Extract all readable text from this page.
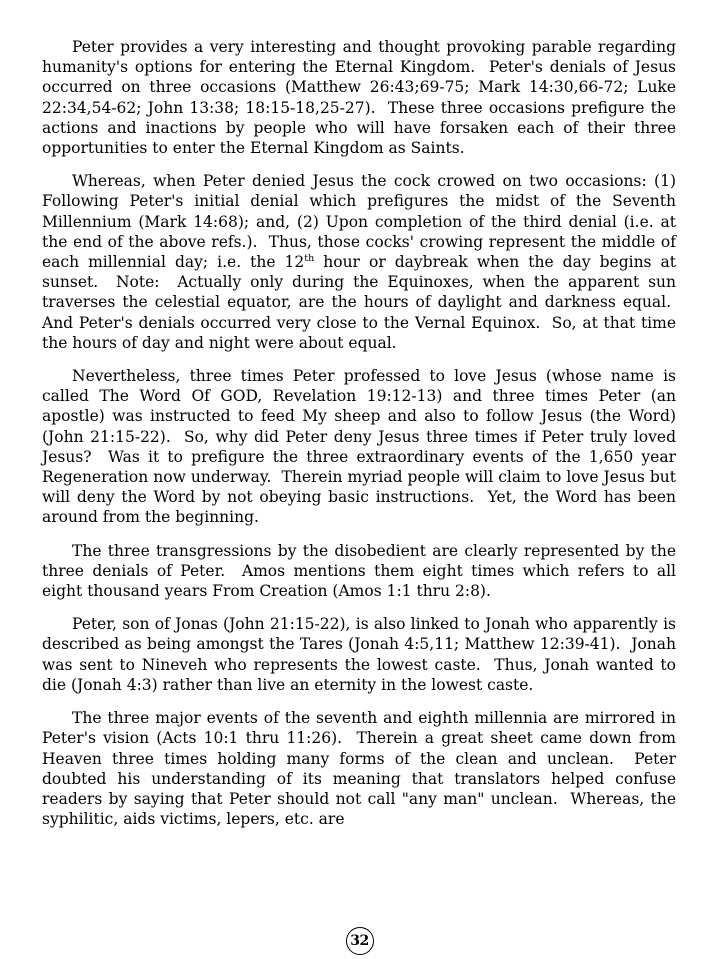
Peter provides a very interesting and thought provoking parable regarding humanity's options for entering the Eternal Kingdom.  Peter's denials of Jesus occurred on three occasions (Matthew 26:43;69-75; Mark 14:30,66-72; Luke 22:34,54-62; John 13:38; 18:15-18,25-27).  These three occasions prefigure the actions and inactions by people who will have forsaken each of their three opportunities to enter the Eternal Kingdom as Saints.

Whereas, when Peter denied Jesus the cock crowed on two occasions: (1) Following Peter's initial denial which prefigures the midst of the Seventh Millennium (Mark 14:68); and, (2) Upon completion of the third denial (i.e. at the end of the above refs.).  Thus, those cocks' crowing represent the middle of each millennial day; i.e. the 12th hour or daybreak when the day begins at sunset.  Note:  Actually only during the Equinoxes, when the apparent sun traverses the celestial equator, are the hours of daylight and darkness equal.  And Peter's denials occurred very close to the Vernal Equinox.  So, at that time the hours of day and night were about equal.

Nevertheless, three times Peter professed to love Jesus (whose name is called The Word Of GOD, Revelation 19:12-13) and three times Peter (an apostle) was instructed to feed My sheep and also to follow Jesus (the Word) (John 21:15-22).  So, why did Peter deny Jesus three times if Peter truly loved Jesus?  Was it to prefigure the three extraordinary events of the 1,650 year Regeneration now underway.  Therein myriad people will claim to love Jesus but will deny the Word by not obeying basic instructions.  Yet, the Word has been around from the beginning.

The three transgressions by the disobedient are clearly represented by the three denials of Peter.  Amos mentions them eight times which refers to all eight thousand years From Creation (Amos 1:1 thru 2:8).

Peter, son of Jonas (John 21:15-22), is also linked to Jonah who apparently is described as being amongst the Tares (Jonah 4:5,11; Matthew 12:39-41).  Jonah was sent to Nineveh who represents the lowest caste.  Thus, Jonah wanted to die (Jonah 4:3) rather than live an eternity in the lowest caste.

The three major events of the seventh and eighth millennia are mirrored in Peter's vision (Acts 10:1 thru 11:26).  Therein a great sheet came down from Heaven three times holding many forms of the clean and unclean.  Peter doubted his understanding of its meaning that translators helped confuse readers by saying that Peter should not call "any man" unclean.  Whereas, the syphilitic, aids victims, lepers, etc. are

32
